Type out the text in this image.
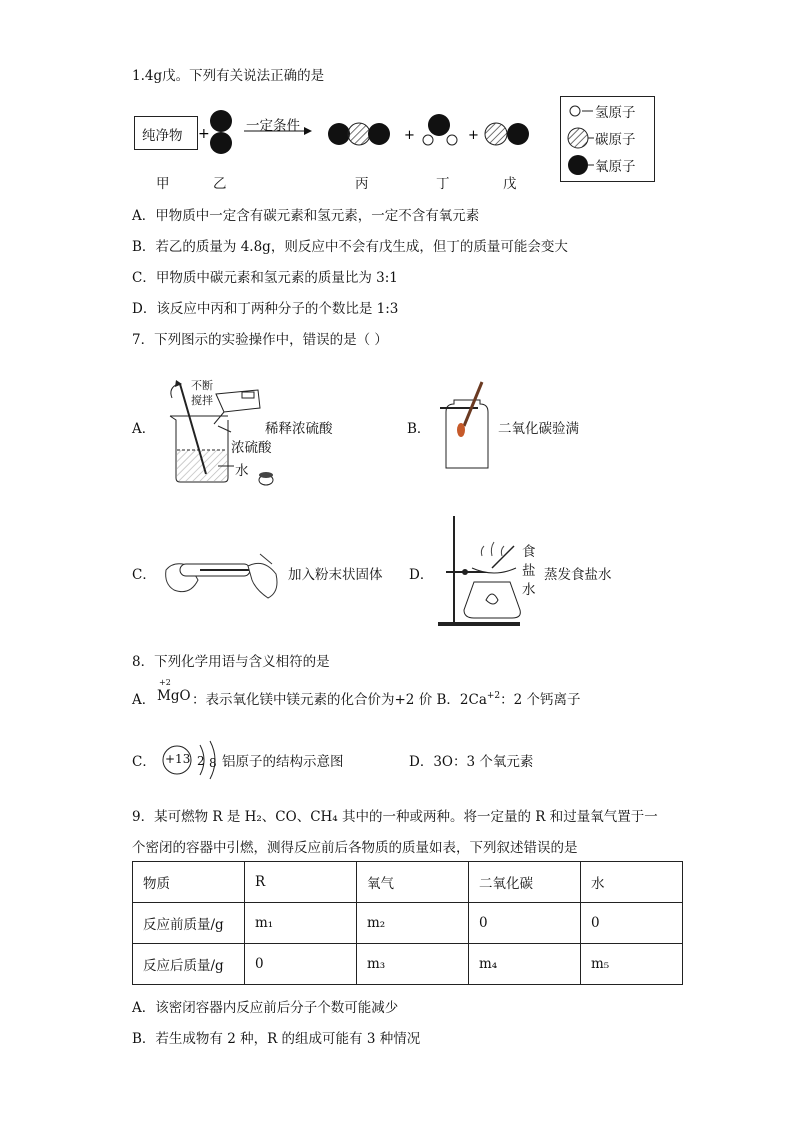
1.4g戊。下列有关说法正确的是
纯净物 +	+	+
一定条件
甲	乙	丙	丁	戊
氢原子
碳原子
氧原子
A．甲物质中一定含有碳元素和氢元素，一定不含有氧元素
B．若乙的质量为 4.8g，则反应中不会有戊生成，但丁的质量可能会变大
C．甲物质中碳元素和氢元素的质量比为 3:1
D．该反应中丙和丁两种分子的个数比是 1:3
7．下列图示的实验操作中，错误的是（ ）
A．
不断
搅拌
稀释浓硫酸
浓硫酸
水
B．	二氧化碳验满
C．	加入粉末状固体 D．
食
盐
水
蒸发食盐水
8．下列化学用语与含义相符的是
A．
+2
MgO ：表示氧化镁中镁元素的化合价为+2 价 B．$2Ca^{+2}$：2 个钙离子
C． +13 2 8 铝原子的结构示意图	D．3O：3 个氧元素
9．某可燃物 R 是 H₂、CO、CH₄ 其中的一种或两种。将一定量的 R 和过量氧气置于一
个密闭的容器中引燃，测得反应前后各物质的质量如表，下列叙述错误的是
物质	R	氧气	二氧化碳	水
反应前质量/g	m₁	m₂	0	0
反应后质量/g	0	m₃	m₄	m₅
A．该密闭容器内反应前后分子个数可能减少
B．若生成物有 2 种，R 的组成可能有 3 种情况
